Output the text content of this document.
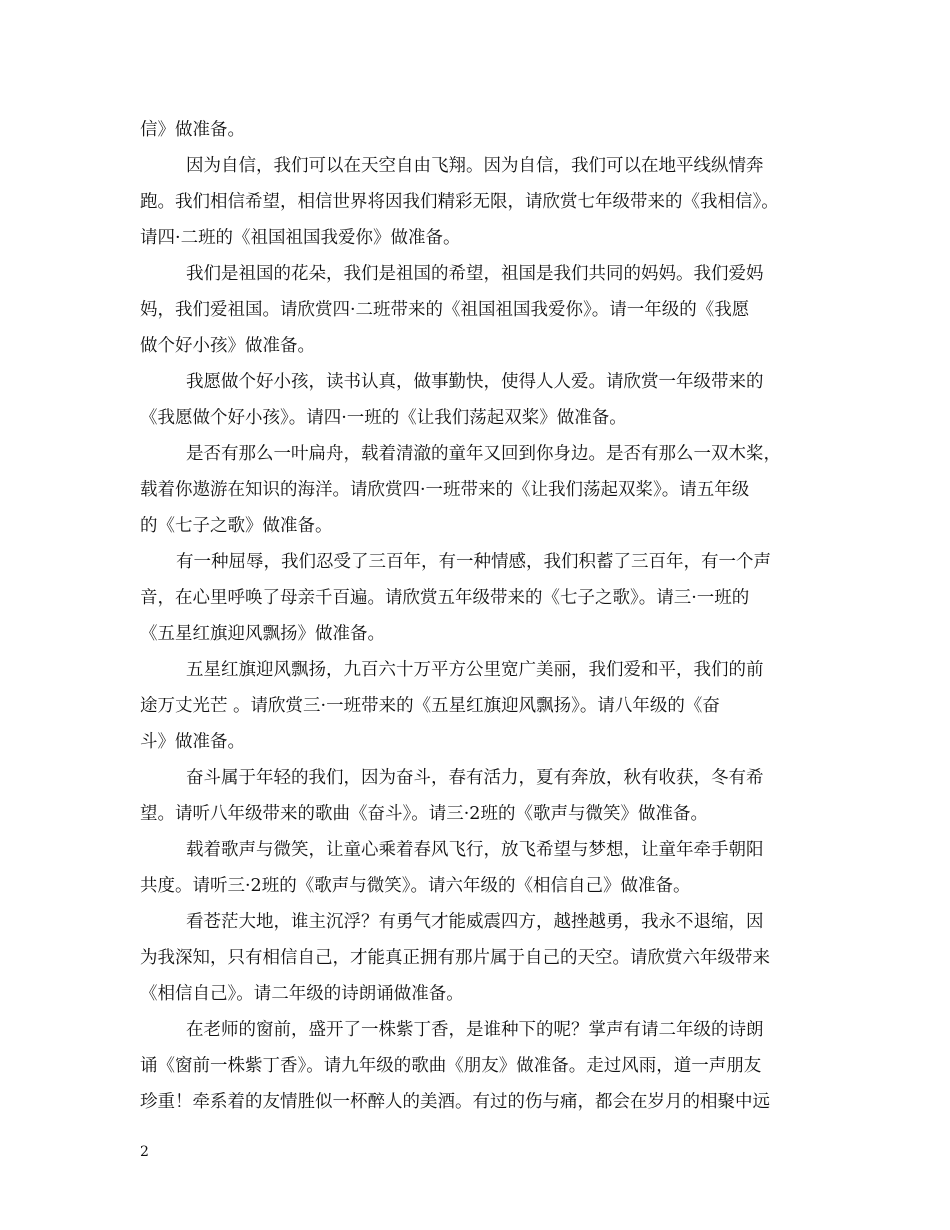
信》做准备。
因为自信，我们可以在天空自由飞翔。因为自信，我们可以在地平线纵情奔
跑。我们相信希望，相信世界将因我们精彩无限，请欣赏七年级带来的《我相信》。
请四·二班的《祖国祖国我爱你》做准备。
我们是祖国的花朵，我们是祖国的希望，祖国是我们共同的妈妈。我们爱妈
妈，我们爱祖国。请欣赏四·二班带来的《祖国祖国我爱你》。请一年级的《我愿
做个好小孩》做准备。
我愿做个好小孩，读书认真，做事勤快，使得人人爱。请欣赏一年级带来的
《我愿做个好小孩》。请四·一班的《让我们荡起双桨》做准备。
是否有那么一叶扁舟，载着清澈的童年又回到你身边。是否有那么一双木桨，
载着你遨游在知识的海洋。请欣赏四·一班带来的《让我们荡起双桨》。请五年级
的《七子之歌》做准备。
有一种屈辱，我们忍受了三百年，有一种情感，我们积蓄了三百年，有一个声
音，在心里呼唤了母亲千百遍。请欣赏五年级带来的《七子之歌》。请三·一班的
《五星红旗迎风飘扬》做准备。
五星红旗迎风飘扬，九百六十万平方公里宽广美丽，我们爱和平，我们的前
途万丈光芒 。请欣赏三·一班带来的《五星红旗迎风飘扬》。请八年级的《奋
斗》做准备。
奋斗属于年轻的我们，因为奋斗，春有活力，夏有奔放，秋有收获，冬有希
望。请听八年级带来的歌曲《奋斗》。请三·2班的《歌声与微笑》做准备。
载着歌声与微笑，让童心乘着春风飞行，放飞希望与梦想，让童年牵手朝阳
共度。请听三·2班的《歌声与微笑》。请六年级的《相信自己》做准备。
看苍茫大地，谁主沉浮？有勇气才能威震四方，越挫越勇，我永不退缩，因
为我深知，只有相信自己，才能真正拥有那片属于自己的天空。请欣赏六年级带来
《相信自己》。请二年级的诗朗诵做准备。
在老师的窗前，盛开了一株紫丁香，是谁种下的呢？掌声有请二年级的诗朗
诵《窗前一株紫丁香》。请九年级的歌曲《朋友》做准备。走过风雨，道一声朋友
珍重！牵系着的友情胜似一杯醉人的美酒。有过的伤与痛，都会在岁月的相聚中远

2
